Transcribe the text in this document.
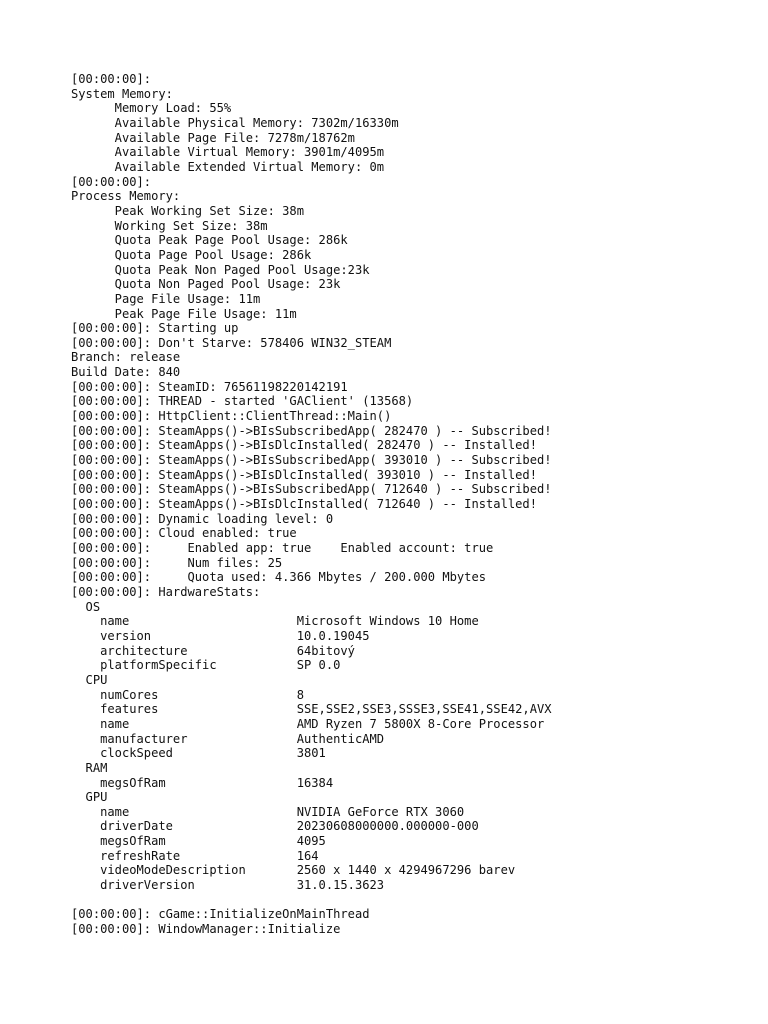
[00:00:00]:
System Memory:
Memory Load: 55%
Available Physical Memory: 7302m/16330m
Available Page File: 7278m/18762m
Available Virtual Memory: 3901m/4095m
Available Extended Virtual Memory: 0m
[00:00:00]:
Process Memory:
Peak Working Set Size: 38m
Working Set Size: 38m
Quota Peak Page Pool Usage: 286k
Quota Page Pool Usage: 286k
Quota Peak Non Paged Pool Usage:23k
Quota Non Paged Pool Usage: 23k
Page File Usage: 11m
Peak Page File Usage: 11m
[00:00:00]: Starting up
[00:00:00]: Don't Starve: 578406 WIN32_STEAM
Branch: release
Build Date: 840
[00:00:00]: SteamID: 76561198220142191
[00:00:00]: THREAD - started 'GAClient' (13568)
[00:00:00]: HttpClient::ClientThread::Main()
[00:00:00]: SteamApps()->BIsSubscribedApp( 282470 ) -- Subscribed!
[00:00:00]: SteamApps()->BIsDlcInstalled( 282470 ) -- Installed!
[00:00:00]: SteamApps()->BIsSubscribedApp( 393010 ) -- Subscribed!
[00:00:00]: SteamApps()->BIsDlcInstalled( 393010 ) -- Installed!
[00:00:00]: SteamApps()->BIsSubscribedApp( 712640 ) -- Subscribed!
[00:00:00]: SteamApps()->BIsDlcInstalled( 712640 ) -- Installed!
[00:00:00]: Dynamic loading level: 0
[00:00:00]: Cloud enabled: true
[00:00:00]:     Enabled app: true    Enabled account: true
[00:00:00]:     Num files: 25
[00:00:00]:     Quota used: 4.366 Mbytes / 200.000 Mbytes
[00:00:00]: HardwareStats:
OS
name                       Microsoft Windows 10 Home
version                    10.0.19045
architecture               64bitový
platformSpecific           SP 0.0
CPU
numCores                   8
features                   SSE,SSE2,SSE3,SSSE3,SSE41,SSE42,AVX
name                       AMD Ryzen 7 5800X 8-Core Processor
manufacturer               AuthenticAMD
clockSpeed                 3801
RAM
megsOfRam                  16384
GPU
name                       NVIDIA GeForce RTX 3060
driverDate                 20230608000000.000000-000
megsOfRam                  4095
refreshRate                164
videoModeDescription       2560 x 1440 x 4294967296 barev
driverVersion              31.0.15.3623
[00:00:00]: cGame::InitializeOnMainThread
[00:00:00]: WindowManager::Initialize
